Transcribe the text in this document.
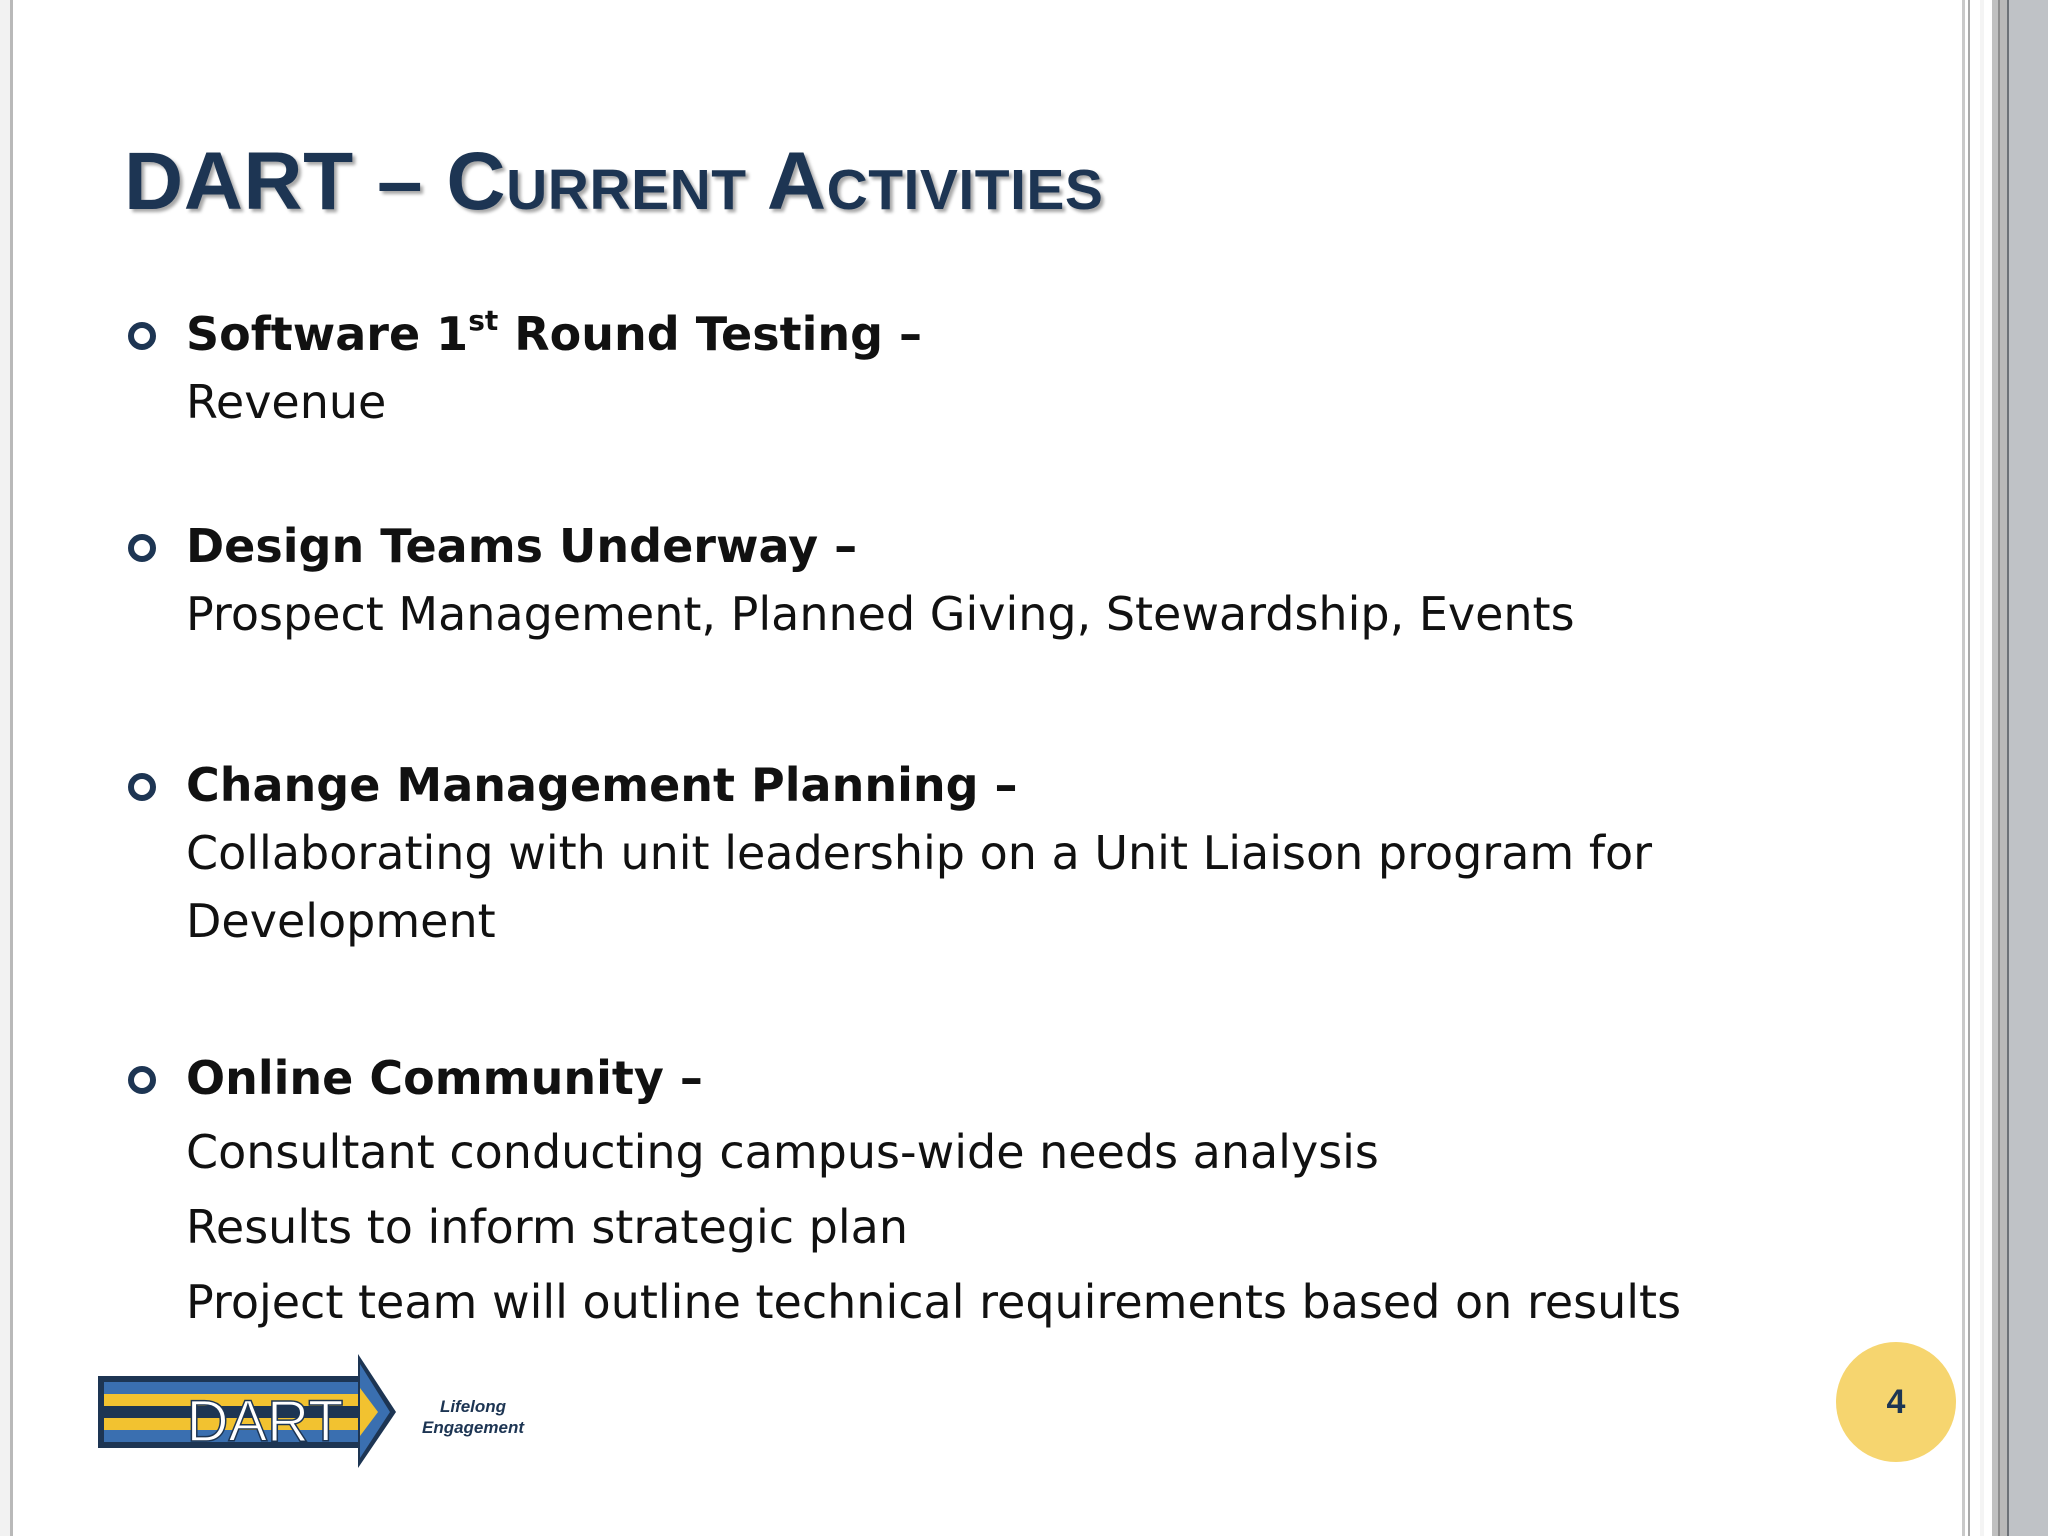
DART – Current Activities
Software 1st Round Testing –
Revenue
Design Teams Underway –
Prospect Management, Planned Giving, Stewardship, Events
Change Management Planning –
Collaborating with unit leadership on a Unit Liaison program for
Development
Online Community –
Consultant conducting campus-wide needs analysis
Results to inform strategic plan
Project team will outline technical requirements based on results
DART	Lifelong
Engagement
4
